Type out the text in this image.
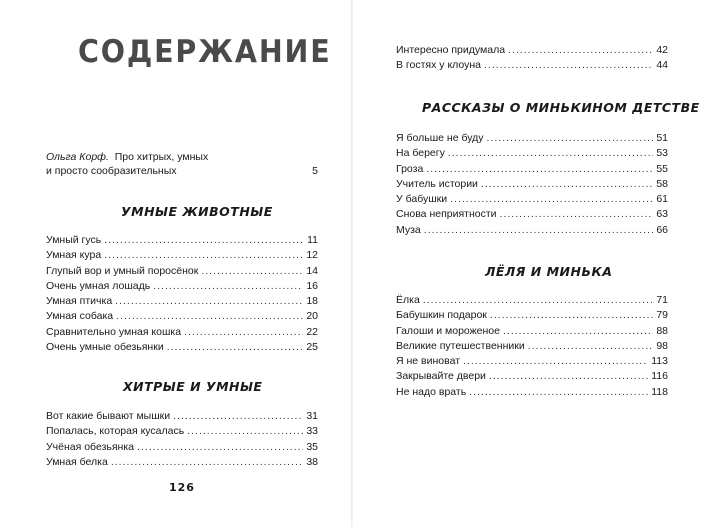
СОДЕРЖАНИЕ
Ольга Корф. Про хитрых, умных
и просто сообразительных	5
УМНЫЕ ЖИВОТНЫЕ
Умный гусь .....	11
Умная кура .....	12
Глупый вор и умный поросёнок .....	14
Очень умная лошадь .....	16
Умная птичка .....	18
Умная собака .....	20
Сравнительно умная кошка .....	22
Очень умные обезьянки .....	25
ХИТРЫЕ И УМНЫЕ
Вот какие бывают мышки .....	31
Попалась, которая кусалась .....	33
Учёная обезьянка .....	35
Умная белка .....	38
126
Интересно придумала .....	42
В гостях у клоуна .....	44
РАССКАЗЫ О МИНЬКИНОМ ДЕТСТВЕ
Я больше не буду .....	51
На берегу .....	53
Гроза .....	55
Учитель истории .....	58
У бабушки .....	61
Снова неприятности .....	63
Муза .....	66
ЛЁЛЯ И МИНЬКА
Ёлка .....	71
Бабушкин подарок .....	79
Галоши и мороженое .....	88
Великие путешественники .....	98
Я не виноват .....	113
Закрывайте двери .....	116
Не надо врать .....	118
